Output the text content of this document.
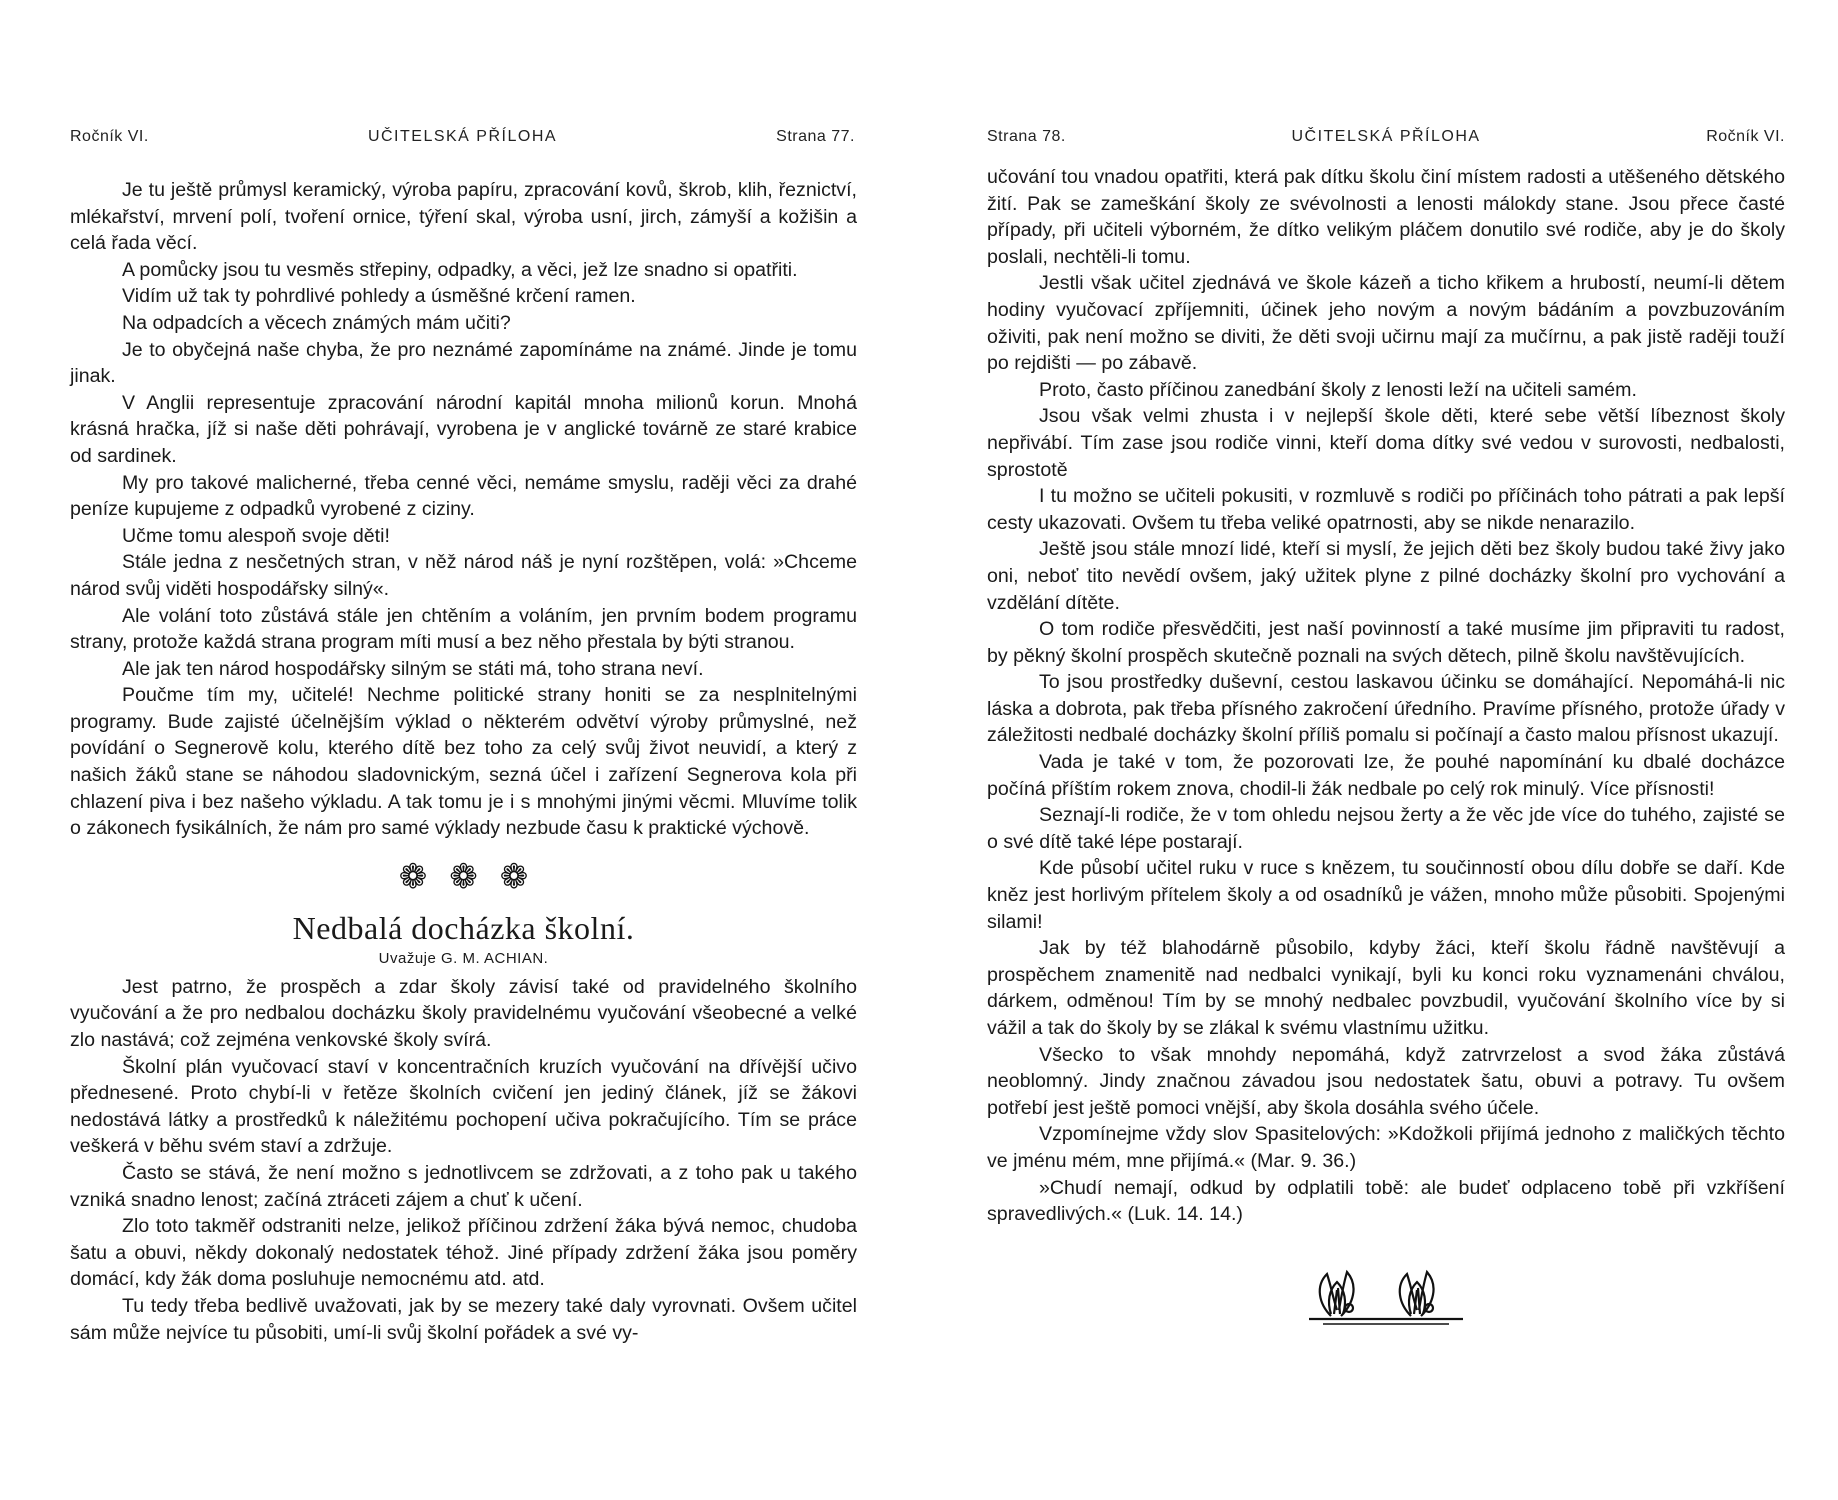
Ročník VI.	UČITELSKÁ PŘÍLOHA	Strana 77.

Je tu ještě průmysl keramický, výroba papíru, zpracování kovů, škrob, klih, řeznictví, mlékařství, mrvení polí, tvoření ornice, týření skal, výroba usní, jirch, zámyší a kožišin a celá řada věcí.

A pomůcky jsou tu vesměs střepiny, odpadky, a věci, jež lze snadno si opatřiti.

Vidím už tak ty pohrdlivé pohledy a úsměšné krčení ramen.

Na odpadcích a věcech známých mám učiti?

Je to obyčejná naše chyba, že pro neznámé zapomínáme na známé. Jinde je tomu jinak.

V Anglii representuje zpracování národní kapitál mnoha milionů korun. Mnohá krásná hračka, jíž si naše děti pohrávají, vyrobena je v anglické továrně ze staré krabice od sardinek.

My pro takové malicherné, třeba cenné věci, nemáme smyslu, raději věci za drahé peníze kupujeme z odpadků vyrobené z ciziny.

Učme tomu alespoň svoje děti!

Stále jedna z nesčetných stran, v něž národ náš je nyní rozštěpen, volá: »Chceme národ svůj viděti hospodářsky silný«.

Ale volání toto zůstává stále jen chtěním a voláním, jen prvním bodem programu strany, protože každá strana program míti musí a bez něho přestala by býti stranou.

Ale jak ten národ hospodářsky silným se státi má, toho strana neví.

Poučme tím my, učitelé! Nechme politické strany honiti se za nesplnitelnými programy. Bude zajisté účelnějším výklad o některém odvětví výroby průmyslné, než povídání o Segnerově kolu, kterého dítě bez toho za celý svůj život neuvidí, a který z našich žáků stane se náhodou sladovnickým, sezná účel i zařízení Segnerova kola při chlazení piva i bez našeho výkladu. A tak tomu je i s mnohými jinými věcmi. Mluvíme tolik o zákonech fysikálních, že nám pro samé výklady nezbude času k praktické výchově.

❁ ❁ ❁
Nedbalá docházka školní.
Uvažuje G. M. ACHIAN.

Jest patrno, že prospěch a zdar školy závisí také od pravidelného školního vyučování a že pro nedbalou docházku školy pravidelnému vyučování všeobecné a velké zlo nastává; což zejména venkovské školy svírá.

Školní plán vyučovací staví v koncentračních kruzích vyučování na dřívější učivo přednesené. Proto chybí-li v řetěze školních cvičení jen jediný článek, jíž se žákovi nedostává látky a prostředků k náležitému pochopení učiva pokračujícího. Tím se práce veškerá v běhu svém staví a zdržuje.

Často se stává, že není možno s jednotlivcem se zdržovati, a z toho pak u takého vzniká snadno lenost; začíná ztráceti zájem a chuť k učení.

Zlo toto takměř odstraniti nelze, jelikož příčinou zdržení žáka bývá nemoc, chudoba šatu a obuvi, někdy dokonalý nedostatek téhož. Jiné případy zdržení žáka jsou poměry domácí, kdy žák doma posluhuje nemocnému atd. atd.

Tu tedy třeba bedlivě uvažovati, jak by se mezery také daly vyrovnati. Ovšem učitel sám může nejvíce tu působiti, umí-li svůj školní pořádek a své vy-

Strana 78.	UČITELSKÁ PŘÍLOHA	Ročník VI.

učování tou vnadou opatřiti, která pak dítku školu činí místem radosti a utěšeného dětského žití. Pak se zameškání školy ze svévolnosti a lenosti málokdy stane. Jsou přece časté případy, při učiteli výborném, že dítko velikým pláčem donutilo své rodiče, aby je do školy poslali, nechtěli-li tomu.

Jestli však učitel zjednává ve škole kázeň a ticho křikem a hrubostí, neumí-li dětem hodiny vyučovací zpříjemniti, účinek jeho novým a novým bádáním a povzbuzováním oživiti, pak není možno se diviti, že děti svoji učirnu mají za mučírnu, a pak jistě raději touží po rejdišti — po zábavě.

Proto, často příčinou zanedbání školy z lenosti leží na učiteli samém.

Jsou však velmi zhusta i v nejlepší škole děti, které sebe větší líbeznost školy nepřivábí. Tím zase jsou rodiče vinni, kteří doma dítky své vedou v surovosti, nedbalosti, sprostotě

I tu možno se učiteli pokusiti, v rozmluvě s rodiči po příčinách toho pátrati a pak lepší cesty ukazovati. Ovšem tu třeba veliké opatrnosti, aby se nikde nenarazilo.

Ještě jsou stále mnozí lidé, kteří si myslí, že jejich děti bez školy budou také živy jako oni, neboť tito nevědí ovšem, jaký užitek plyne z pilné docházky školní pro vychování a vzdělání dítěte.

O tom rodiče přesvědčiti, jest naší povinností a také musíme jim připraviti tu radost, by pěkný školní prospěch skutečně poznali na svých dětech, pilně školu navštěvujících.

To jsou prostředky duševní, cestou laskavou účinku se domáhající. Nepomáhá-li nic láska a dobrota, pak třeba přísného zakročení úředního. Pravíme přísného, protože úřady v záležitosti nedbalé docházky školní příliš pomalu si počínají a často malou přísnost ukazují.

Vada je také v tom, že pozorovati lze, že pouhé napomínání ku dbalé docházce počíná příštím rokem znova, chodil-li žák nedbale po celý rok minulý. Více přísnosti!

Seznají-li rodiče, že v tom ohledu nejsou žerty a že věc jde více do tuhého, zajisté se o své dítě také lépe postarají.

Kde působí učitel ruku v ruce s knězem, tu součinností obou dílu dobře se daří. Kde kněz jest horlivým přítelem školy a od osadníků je vážen, mnoho může působiti. Spojenými silami!

Jak by též blahodárně působilo, kdyby žáci, kteří školu řádně navštěvují a prospěchem znamenitě nad nedbalci vynikají, byli ku konci roku vyznamenáni chválou, dárkem, odměnou! Tím by se mnohý nedbalec povzbudil, vyučování školního více by si vážil a tak do školy by se zlákal k svému vlastnímu užitku.

Všecko to však mnohdy nepomáhá, když zatrvrzelost a svod žáka zůstává neoblomný. Jindy značnou závadou jsou nedostatek šatu, obuvi a potravy. Tu ovšem potřebí jest ještě pomoci vnější, aby škola dosáhla svého účele.

Vzpomínejme vždy slov Spasitelových: »Kdožkoli přijímá jednoho z maličkých těchto ve jménu mém, mne přijímá.« (Mar. 9. 36.)

»Chudí nemají, odkud by odplatili tobě: ale budeť odplaceno tobě při vzkříšení spravedlivých.« (Luk. 14. 14.)
